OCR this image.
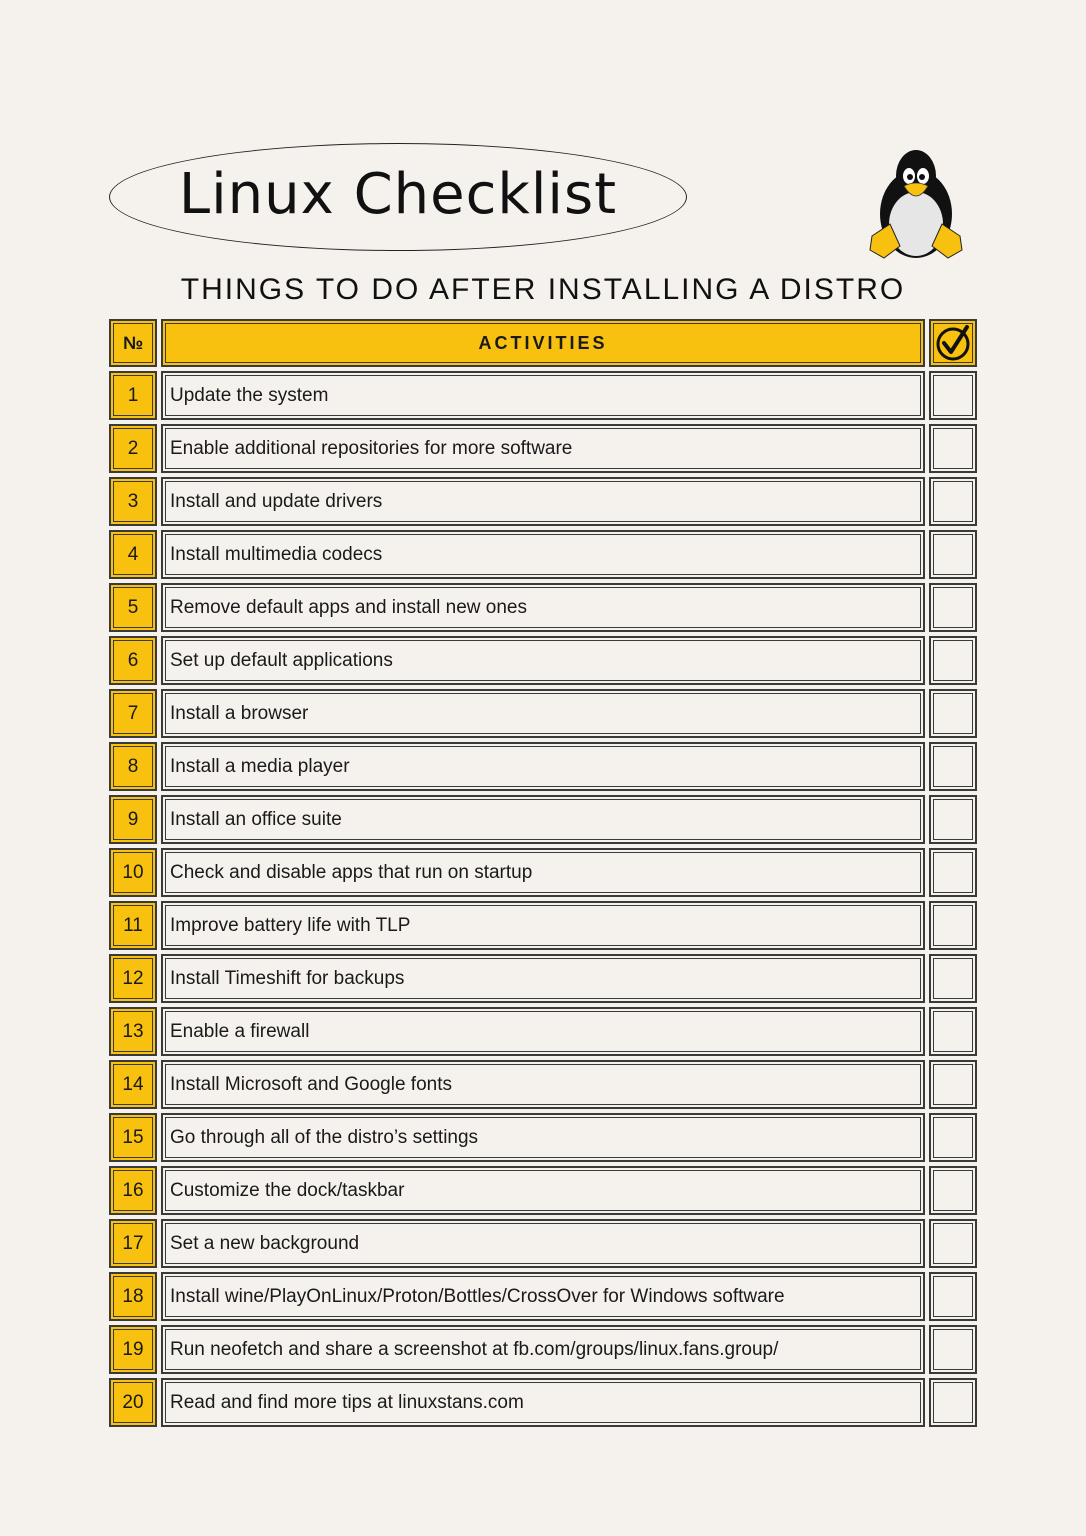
Linux Checklist
THINGS TO DO AFTER INSTALLING A DISTRO
№	ACTIVITIES
1	Update the system
2	Enable additional repositories for more software
3	Install and update drivers
4	Install multimedia codecs
5	Remove default apps and install new ones
6	Set up default applications
7	Install a browser
8	Install a media player
9	Install an office suite
10	Check and disable apps that run on startup
11	Improve battery life with TLP
12	Install Timeshift for backups
13	Enable a firewall
14	Install Microsoft and Google fonts
15	Go through all of the distro’s settings
16	Customize the dock/taskbar
17	Set a new background
18	Install wine/PlayOnLinux/Proton/Bottles/CrossOver for Windows software
19	Run neofetch and share a screenshot at fb.com/groups/linux.fans.group/
20	Read and find more tips at linuxstans.com
